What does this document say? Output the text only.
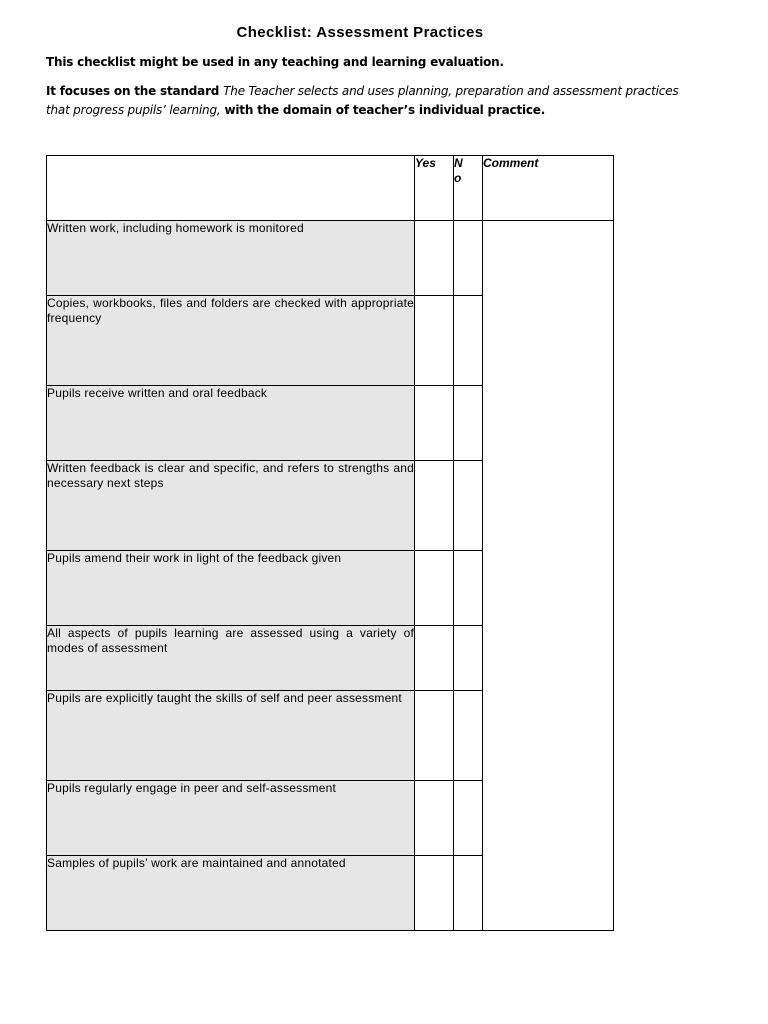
Checklist: Assessment Practices
This checklist might be used in any teaching and learning evaluation.
It focuses on the standard The Teacher selects and uses planning, preparation and assessment practices that progress pupils’ learning, with the domain of teacher’s individual practice.
	Yes	N
o	Comment
Written work, including homework is monitored			
Copies, workbooks, files and folders are checked with appropriate frequency			
Pupils receive written and oral feedback			
Written feedback is clear and specific, and refers to strengths and necessary next steps			
Pupils amend their work in light of the feedback given			
All aspects of pupils learning are assessed using a variety of modes of assessment			
Pupils are explicitly taught the skills of self and peer assessment			
Pupils regularly engage in peer and self-assessment			
Samples of pupils’ work are maintained and annotated			
